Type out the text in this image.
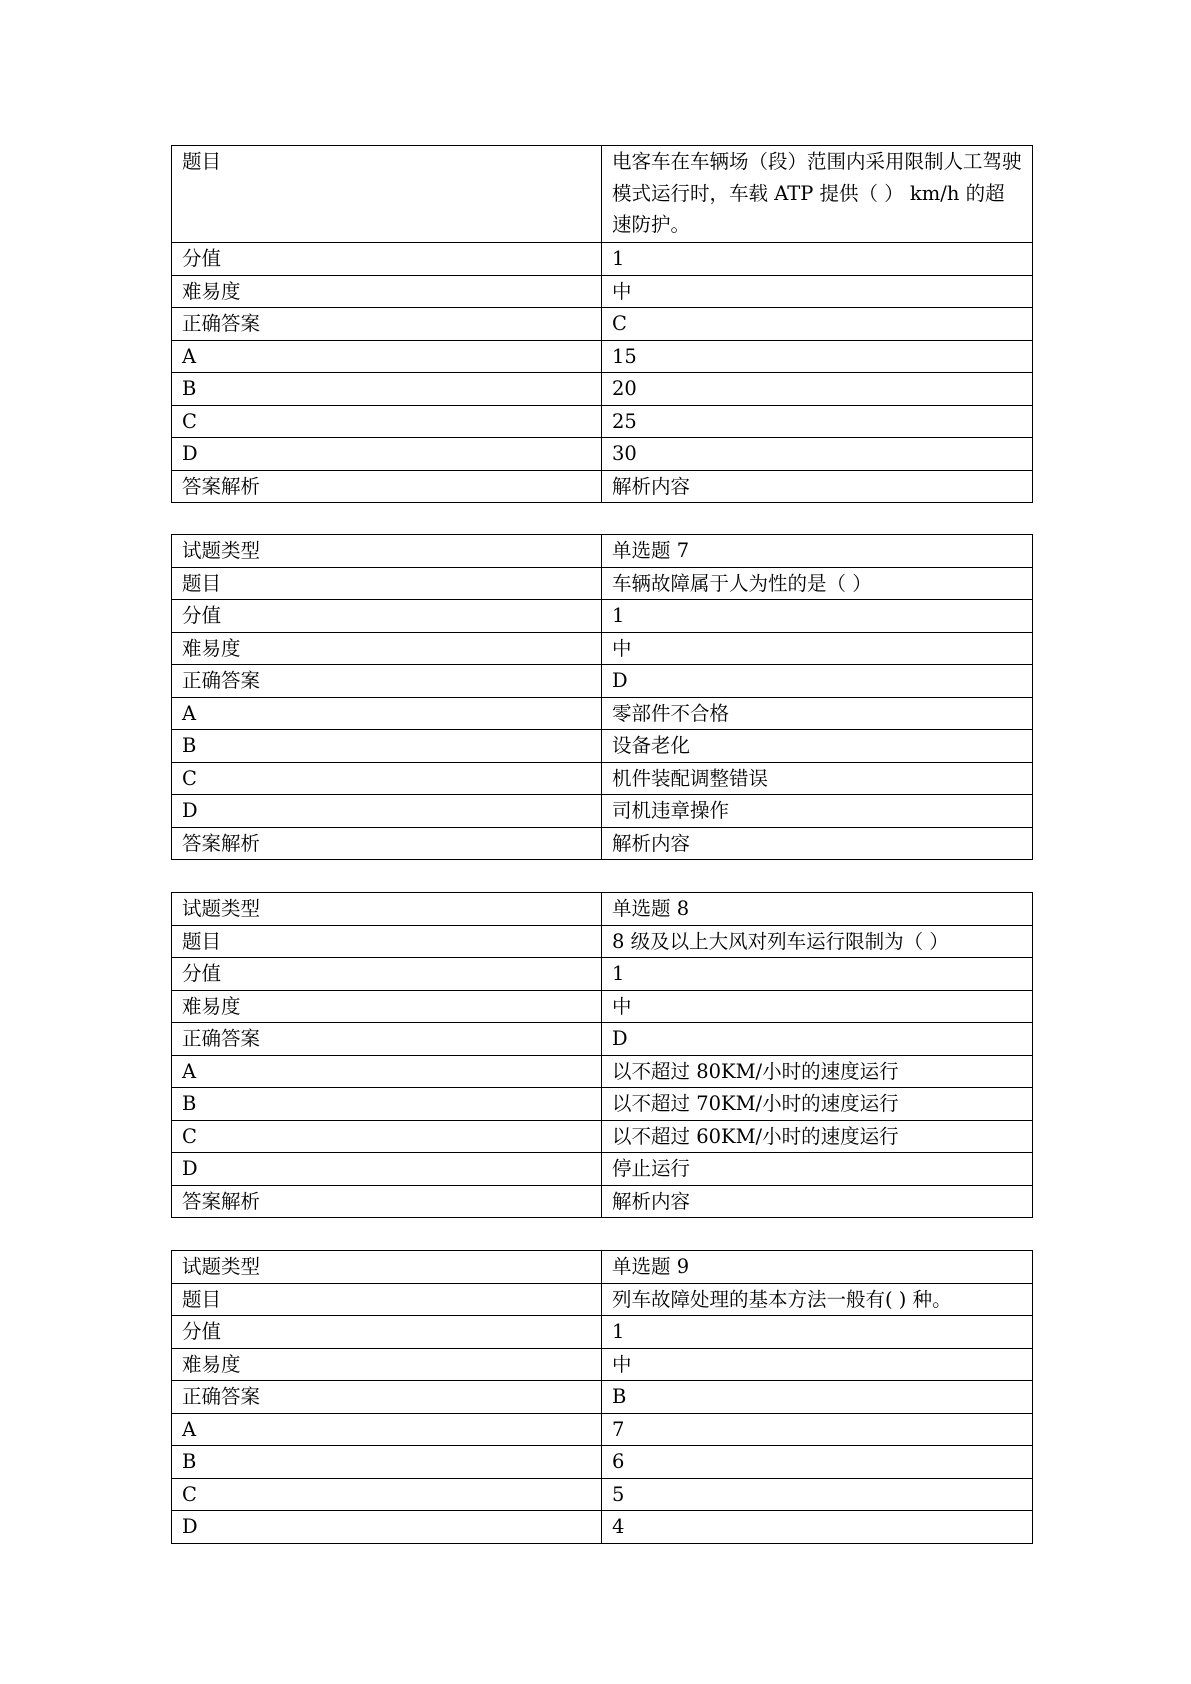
题目	电客车在车辆场（段）范围内采用限制人工驾驶模式运行时，车载 ATP 提供（ ） km/h 的超速防护。
分值	1
难易度	中
正确答案	C
A	15
B	20
C	25
D	30
答案解析	解析内容
试题类型	单选题 7
题目	车辆故障属于人为性的是（ ）
分值	1
难易度	中
正确答案	D
A	零部件不合格
B	设备老化
C	机件装配调整错误
D	司机违章操作
答案解析	解析内容
试题类型	单选题 8
题目	8 级及以上大风对列车运行限制为（ ）
分值	1
难易度	中
正确答案	D
A	以不超过 80KM/小时的速度运行
B	以不超过 70KM/小时的速度运行
C	以不超过 60KM/小时的速度运行
D	停止运行
答案解析	解析内容
试题类型	单选题 9
题目	列车故障处理的基本方法一般有( ) 种。
分值	1
难易度	中
正确答案	B
A	7
B	6
C	5
D	4
